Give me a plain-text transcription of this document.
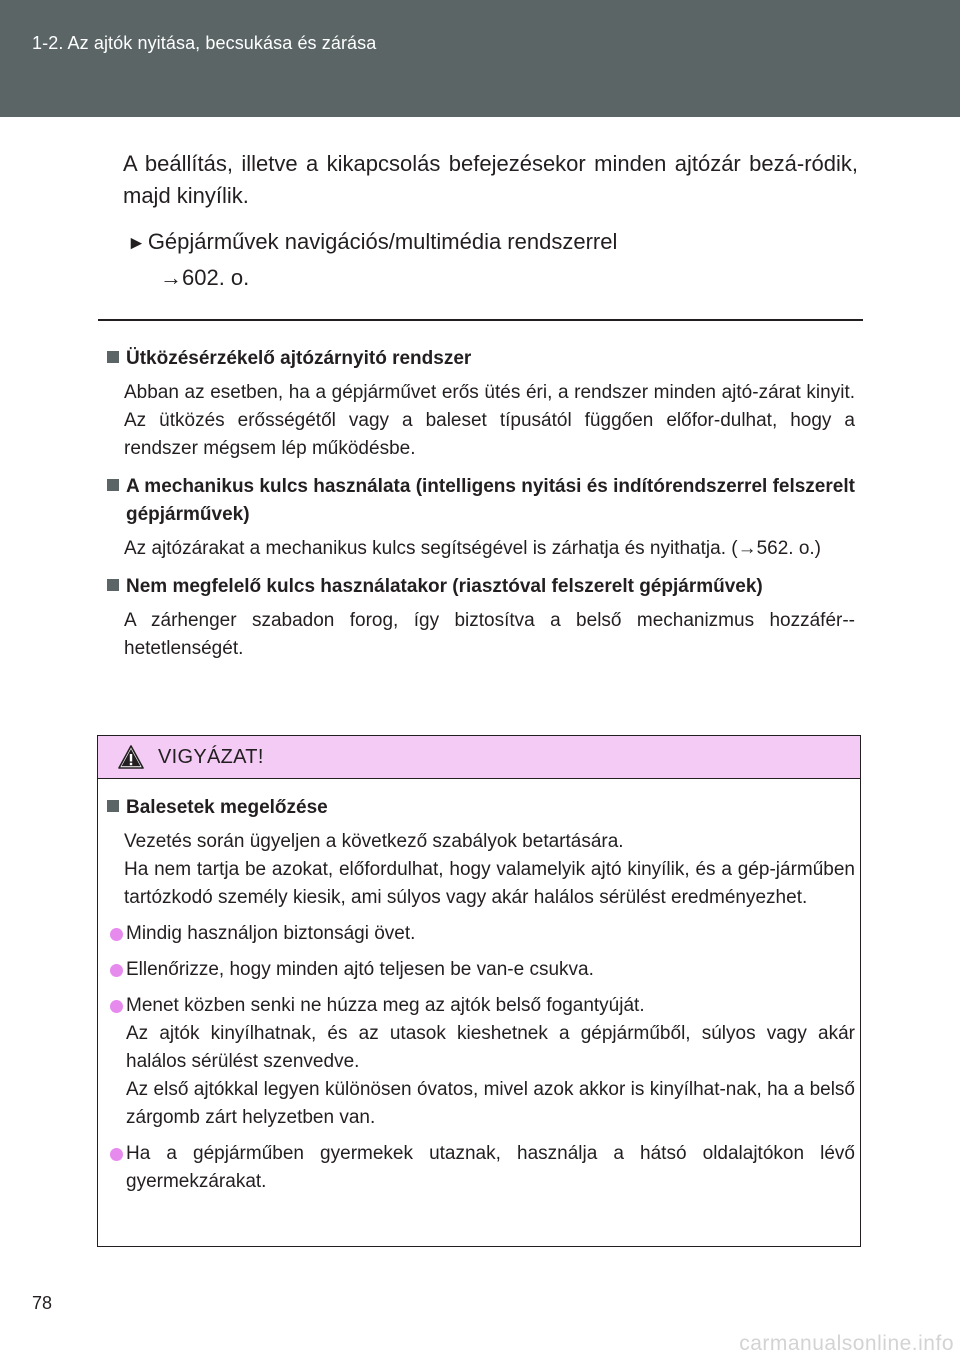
1-2. Az ajtók nyitása, becsukása és zárása
A beállítás, illetve a kikapcsolás befejezésekor minden ajtózár bezá-ródik, majd kinyílik.
►Gépjárművek navigációs/multimédia rendszerrel
→602. o.
Ütközésérzékelő ajtózárnyitó rendszer
Abban az esetben, ha a gépjárművet erős ütés éri, a rendszer minden ajtó-zárat kinyit. Az ütközés erősségétől vagy a baleset típusától függően előfor-dulhat, hogy a rendszer mégsem lép működésbe.
A mechanikus kulcs használata (intelligens nyitási és indítórendszerrel felszerelt gépjárművek)
Az ajtózárakat a mechanikus kulcs segítségével is zárhatja és nyithatja. (→562. o.)
Nem megfelelő kulcs használatakor (riasztóval felszerelt gépjárművek)
A zárhenger szabadon forog, így biztosítva a belső mechanizmus hozzáfér-hetetlenségét.
VIGYÁZAT!
Balesetek megelőzése
Vezetés során ügyeljen a következő szabályok betartására.
Ha nem tartja be azokat, előfordulhat, hogy valamelyik ajtó kinyílik, és a gép-járműben tartózkodó személy kiesik, ami súlyos vagy akár halálos sérülést eredményezhet.
Mindig használjon biztonsági övet.
Ellenőrizze, hogy minden ajtó teljesen be van-e csukva.
Menet közben senki ne húzza meg az ajtók belső fogantyúját.
Az ajtók kinyílhatnak, és az utasok kieshetnek a gépjárműből, súlyos vagy akár halálos sérülést szenvedve.
Az első ajtókkal legyen különösen óvatos, mivel azok akkor is kinyílhat-nak, ha a belső zárgomb zárt helyzetben van.
Ha a gépjárműben gyermekek utaznak, használja a hátsó oldalajtókon lévő gyermekzárakat.
78
carmanualsonline.info
